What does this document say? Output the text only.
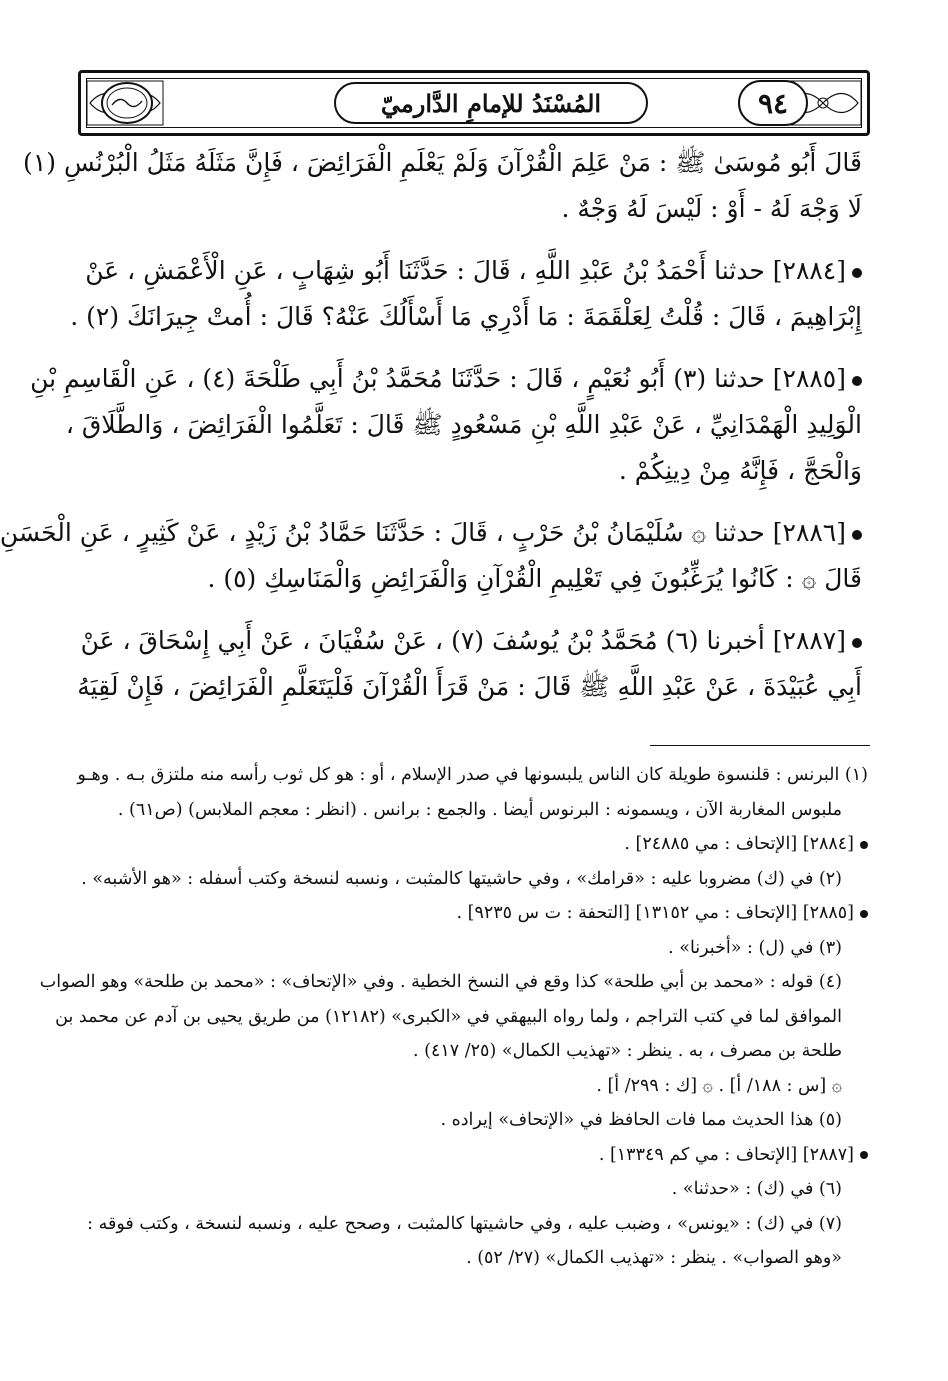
المُسْنَدُ للإمامِ الدَّارميّ	٩٤
قَالَ أَبُو مُوسَىٰ ﷺ : مَنْ عَلِمَ الْقُرْآنَ وَلَمْ يَعْلَمِ الْفَرَائِضَ ، فَإِنَّ مَثَلَهُ مَثَلُ الْبُرْنُسِ (١)
لَا وَجْهَ لَهُ - أَوْ : لَيْسَ لَهُ وَجْهٌ .
[٢٨٨٤] حدثنا أَحْمَدُ بْنُ عَبْدِ اللَّهِ ، قَالَ : حَدَّثَنَا أَبُو شِهَابٍ ، عَنِ الْأَعْمَشِ ، عَنْ
إِبْرَاهِيمَ ، قَالَ : قُلْتُ لِعَلْقَمَةَ : مَا أَدْرِي مَا أَسْأَلُكَ عَنْهُ؟ قَالَ : أُمتْ جِيرَانَكَ (٢) .
[٢٨٨٥] حدثنا (٣) أَبُو نُعَيْمٍ ، قَالَ : حَدَّثَنَا مُحَمَّدُ بْنُ أَبِي طَلْحَةَ (٤) ، عَنِ الْقَاسِمِ بْنِ
الْوَلِيدِ الْهَمْدَانِيِّ ، عَنْ عَبْدِ اللَّهِ بْنِ مَسْعُودٍ ﷺ قَالَ : تَعَلَّمُوا الْفَرَائِضَ ، وَالطَّلَاقَ ،
وَالْحَجَّ ، فَإِنَّهُ مِنْ دِينِكُمْ .
[٢٨٨٦] حدثنا ۞ سُلَيْمَانُ بْنُ حَرْبٍ ، قَالَ : حَدَّثَنَا حَمَّادُ بْنُ زَيْدٍ ، عَنْ كَثِيرٍ ، عَنِ الْحَسَنِ
قَالَ ۞ : كَانُوا يُرَغِّبُونَ فِي تَعْلِيمِ الْقُرْآنِ وَالْفَرَائِضِ وَالْمَنَاسِكِ (٥) .
[٢٨٨٧] أخبرنا (٦) مُحَمَّدُ بْنُ يُوسُفَ (٧) ، عَنْ سُفْيَانَ ، عَنْ أَبِي إِسْحَاقَ ، عَنْ
أَبِي عُبَيْدَةَ ، عَنْ عَبْدِ اللَّهِ ﷺ قَالَ : مَنْ قَرَأَ الْقُرْآنَ فَلْيَتَعَلَّمِ الْفَرَائِضَ ، فَإِنْ لَقِيَهُ
(١) البرنس : قلنسوة طويلة كان الناس يلبسونها في صدر الإسلام ، أو : هو كل ثوب رأسه منه ملتزق بـه . وهـو
ملبوس المغاربة الآن ، ويسمونه : البرنوس أيضا . والجمع : برانس . (انظر : معجم الملابس) (ص٦١) .
[٢٨٨٤] [الإتحاف : مي ٢٤٨٨٥] .
(٢) في (ك) مضروبا عليه : «قرامك» ، وفي حاشيتها كالمثبت ، ونسبه لنسخة وكتب أسفله : «هو الأشبه» .
[٢٨٨٥] [الإتحاف : مي ١٣١٥٢] [التحفة : ت س ٩٢٣٥] .
(٣) في (ل) : «أخبرنا» .
(٤) قوله : «محمد بن أبي طلحة» كذا وقع في النسخ الخطية . وفي «الإتحاف» : «محمد بن طلحة» وهو الصواب
الموافق لما في كتب التراجم ، ولما رواه البيهقي في «الكبرى» (١٢١٨٢) من طريق يحيى بن آدم عن محمد بن
طلحة بن مصرف ، به . ينظر : «تهذيب الكمال» (٢٥/ ٤١٧) .
۞ [س : ١٨٨/ أ] . ۞ [ك : ٢٩٩/ أ] .
(٥) هذا الحديث مما فات الحافظ في «الإتحاف» إيراده .
[٢٨٨٧] [الإتحاف : مي كم ١٣٣٤٩] .
(٦) في (ك) : «حدثنا» .
(٧) في (ك) : «يونس» ، وضبب عليه ، وفي حاشيتها كالمثبت ، وصحح عليه ، ونسبه لنسخة ، وكتب فوقه :
«وهو الصواب» . ينظر : «تهذيب الكمال» (٢٧/ ٥٢) .
